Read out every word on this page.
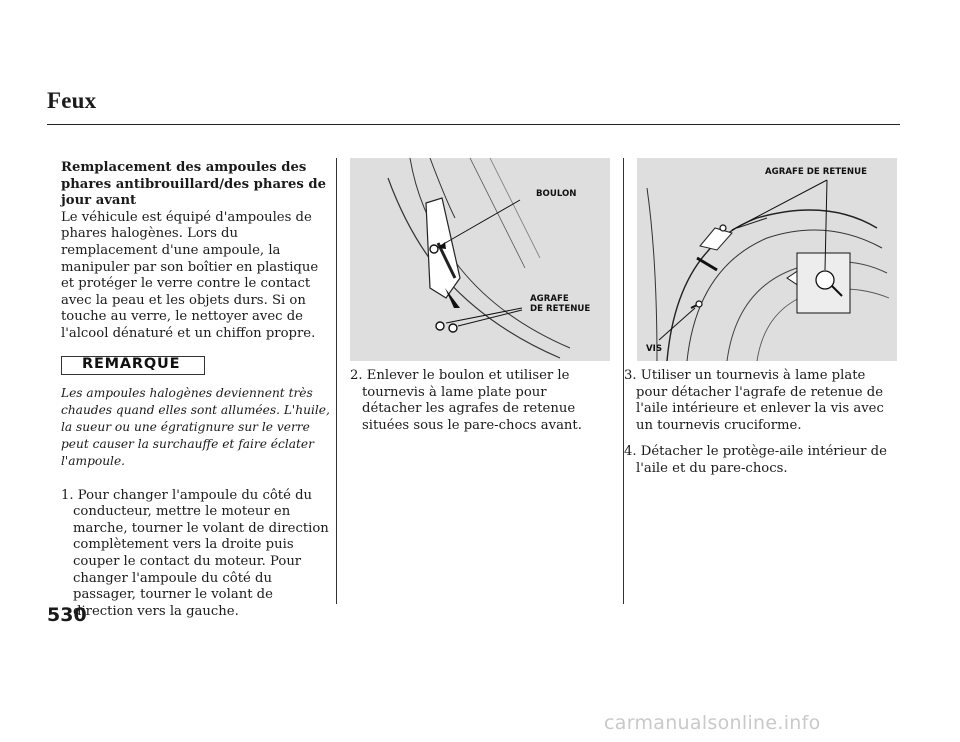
Feux

Remplacement des ampoules des phares antibrouillard/des phares de jour avant

Le véhicule est équipé d'ampoules de phares halogènes. Lors du remplacement d'une ampoule, la manipuler par son boîtier en plastique et protéger le verre contre le contact avec la peau et les objets durs. Si on touche au verre, le nettoyer avec de l'alcool dénaturé et un chiffon propre.

REMARQUE

Les ampoules halogènes deviennent très chaudes quand elles sont allumées. L'huile, la sueur ou une égratignure sur le verre peut causer la surchauffe et faire éclater l'ampoule.

1. Pour changer l'ampoule du côté du conducteur, mettre le moteur en marche, tourner le volant de direction complètement vers la droite puis couper le contact du moteur. Pour changer l'ampoule du côté du passager, tourner le volant de direction vers la gauche.

BOULON
AGRAFE
DE RETENUE

2. Enlever le boulon et utiliser le tournevis à lame plate pour détacher les agrafes de retenue situées sous le pare-chocs avant.

AGRAFE DE RETENUE
VIS

3. Utiliser un tournevis à lame plate pour détacher l'agrafe de retenue de l'aile intérieure et enlever la vis avec un tournevis cruciforme.

4. Détacher le protège-aile intérieur de l'aile et du pare-chocs.

530
carmanualsonline.info
